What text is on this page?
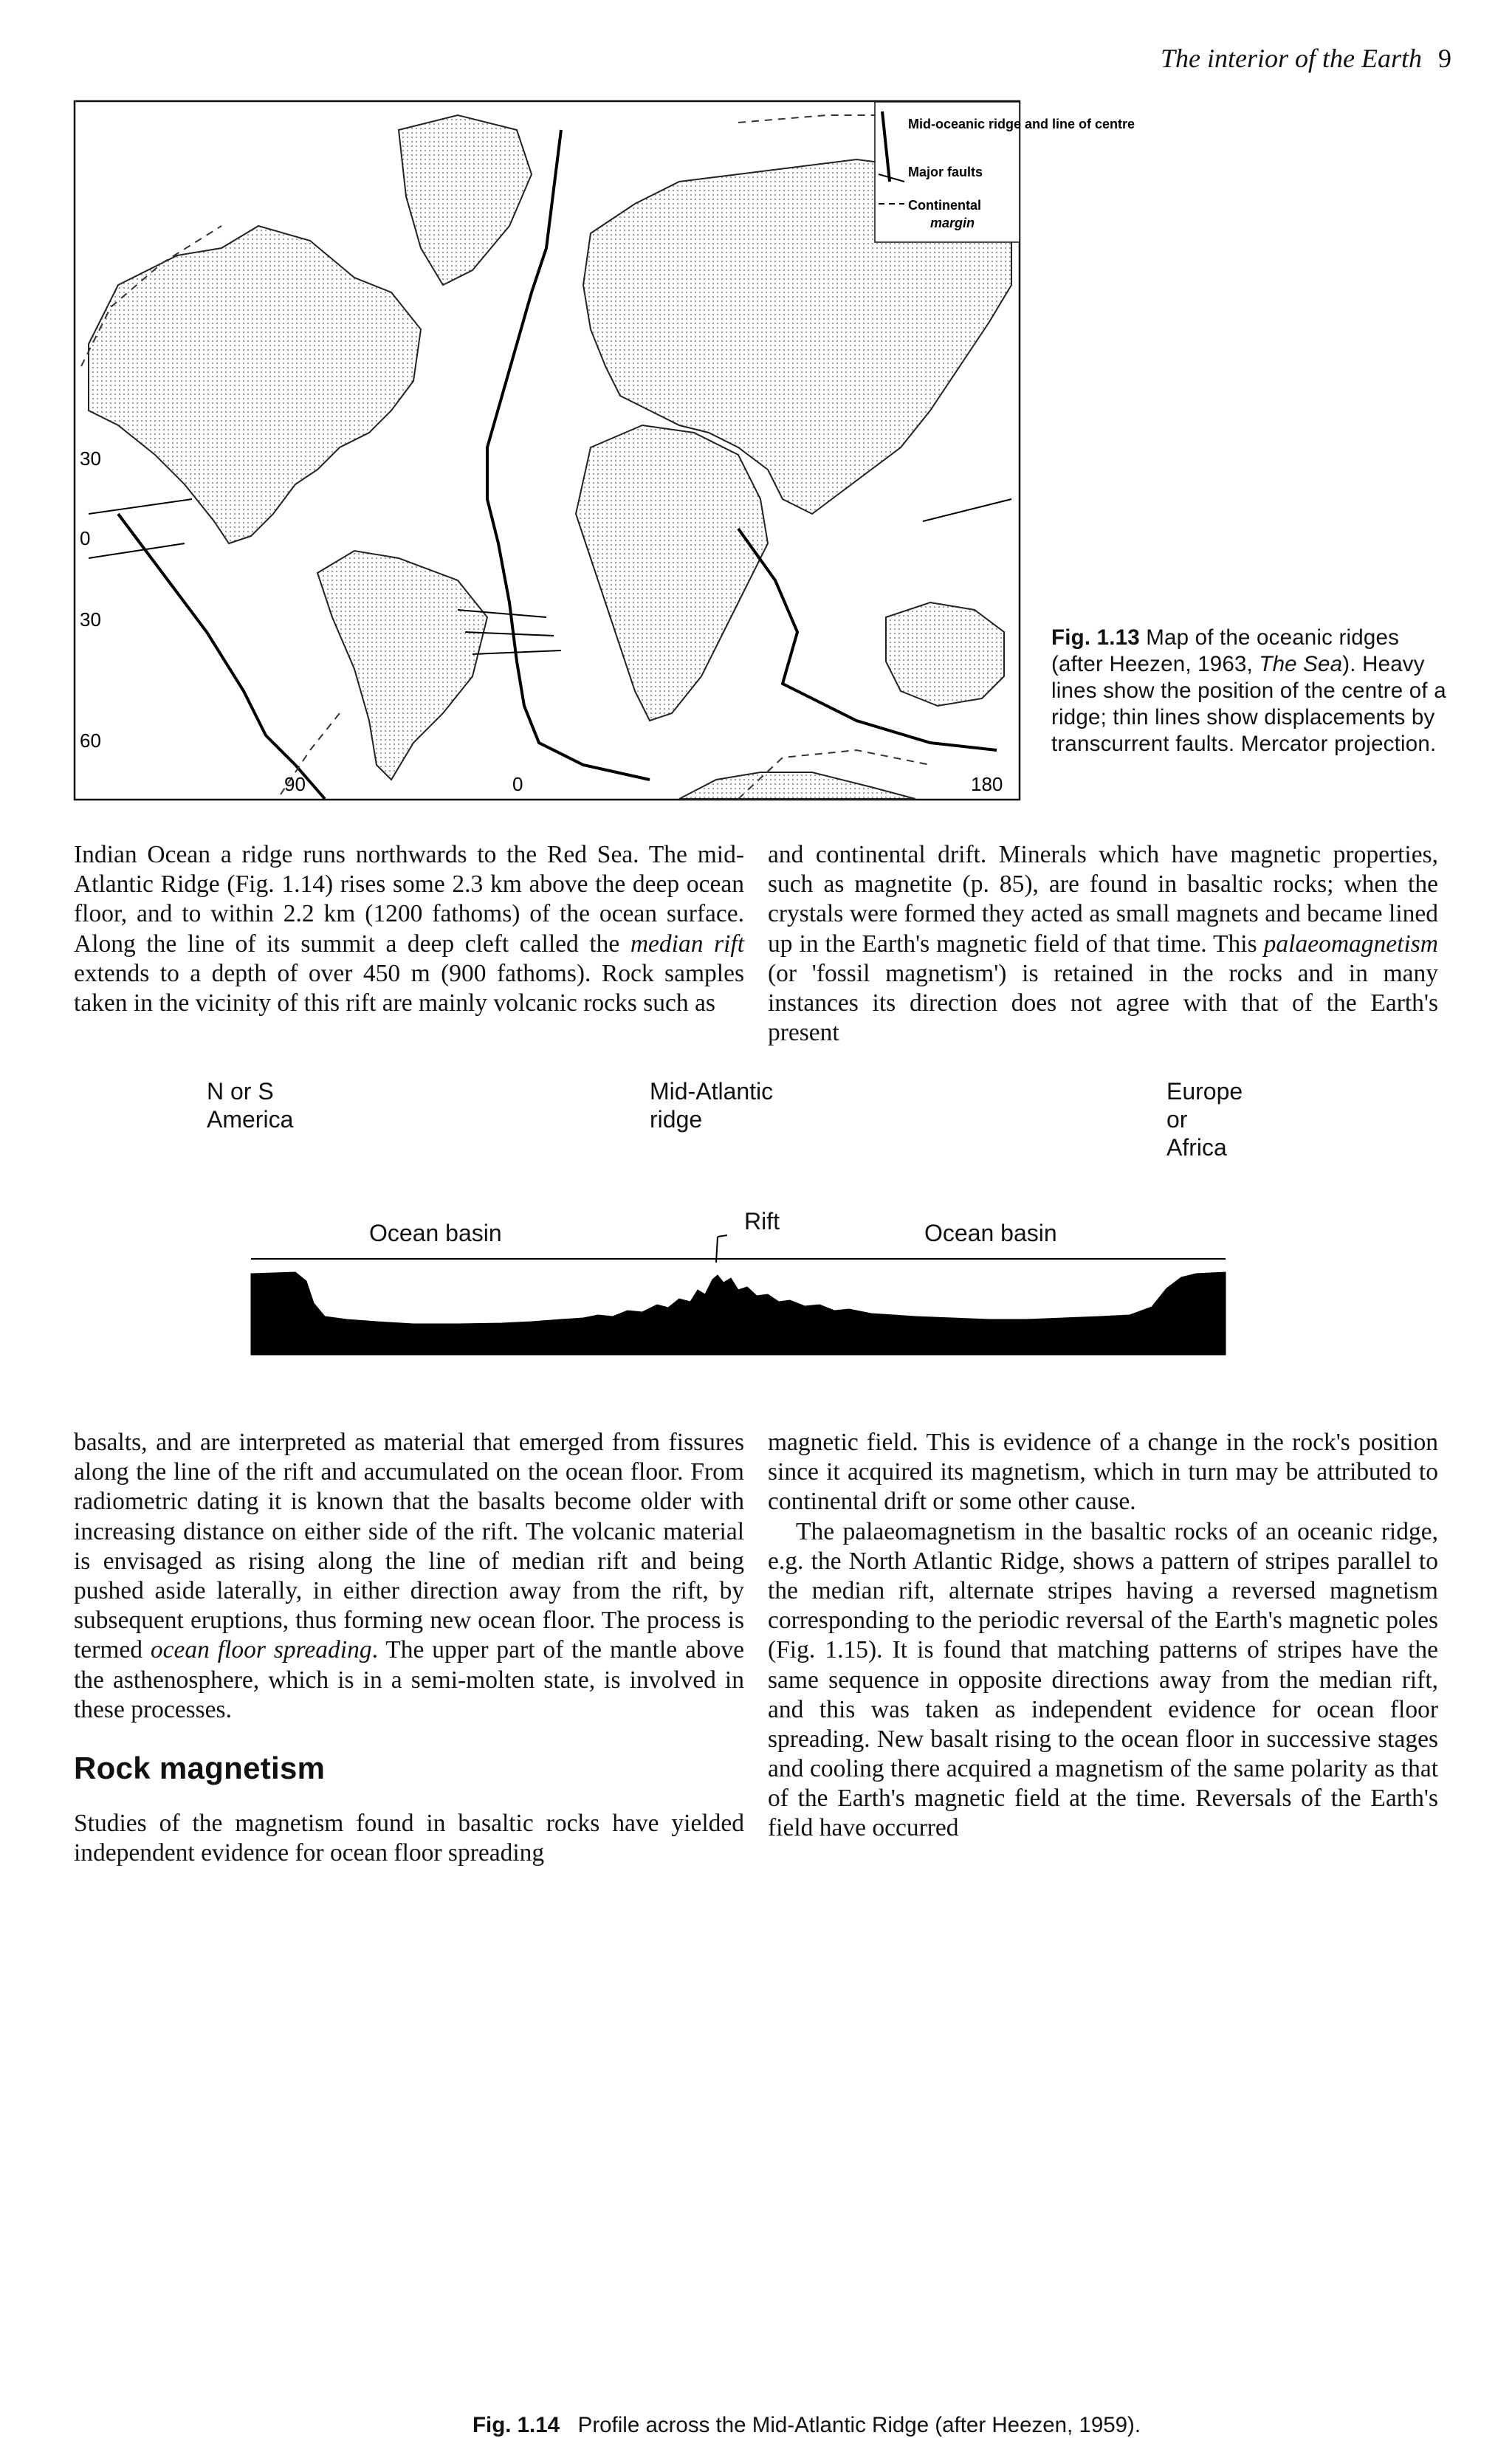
The interior of the Earth 9
Mid-oceanic ridge and line of centre
Major faults
Continental
margin
30
0
30
60
90	0	180
Fig. 1.13 Map of the oceanic ridges (after Heezen, 1963, The Sea). Heavy lines show the position of the centre of a ridge; thin lines show displacements by transcurrent faults. Mercator projection.

Indian Ocean a ridge runs northwards to the Red Sea. The mid-Atlantic Ridge (Fig. 1.14) rises some 2.3 km above the deep ocean floor, and to within 2.2 km (1200 fathoms) of the ocean surface. Along the line of its summit a deep cleft called the median rift extends to a depth of over 450 m (900 fathoms). Rock samples taken in the vicinity of this rift are mainly volcanic rocks such as

and continental drift. Minerals which have magnetic properties, such as magnetite (p. 85), are found in basaltic rocks; when the crystals were formed they acted as small magnets and became lined up in the Earth's magnetic field of that time. This palaeomagnetism (or 'fossil magnetism') is retained in the rocks and in many instances its direction does not agree with that of the Earth's present

N or S
America
Mid-Atlantic
ridge
Europe or
Africa
Ocean basin	Rift	Ocean basin
Fig. 1.14 Profile across the Mid-Atlantic Ridge (after Heezen, 1959).

basalts, and are interpreted as material that emerged from fissures along the line of the rift and accumulated on the ocean floor. From radiometric dating it is known that the basalts become older with increasing distance on either side of the rift. The volcanic material is envisaged as rising along the line of median rift and being pushed aside laterally, in either direction away from the rift, by subsequent eruptions, thus forming new ocean floor. The process is termed ocean floor spreading. The upper part of the mantle above the asthenosphere, which is in a semi-molten state, is involved in these processes.

Rock magnetism

Studies of the magnetism found in basaltic rocks have yielded independent evidence for ocean floor spreading

magnetic field. This is evidence of a change in the rock's position since it acquired its magnetism, which in turn may be attributed to continental drift or some other cause.

The palaeomagnetism in the basaltic rocks of an oceanic ridge, e.g. the North Atlantic Ridge, shows a pattern of stripes parallel to the median rift, alternate stripes having a reversed magnetism corresponding to the periodic reversal of the Earth's magnetic poles (Fig. 1.15). It is found that matching patterns of stripes have the same sequence in opposite directions away from the median rift, and this was taken as independent evidence for ocean floor spreading. New basalt rising to the ocean floor in successive stages and cooling there acquired a magnetism of the same polarity as that of the Earth's magnetic field at the time. Reversals of the Earth's field have occurred
